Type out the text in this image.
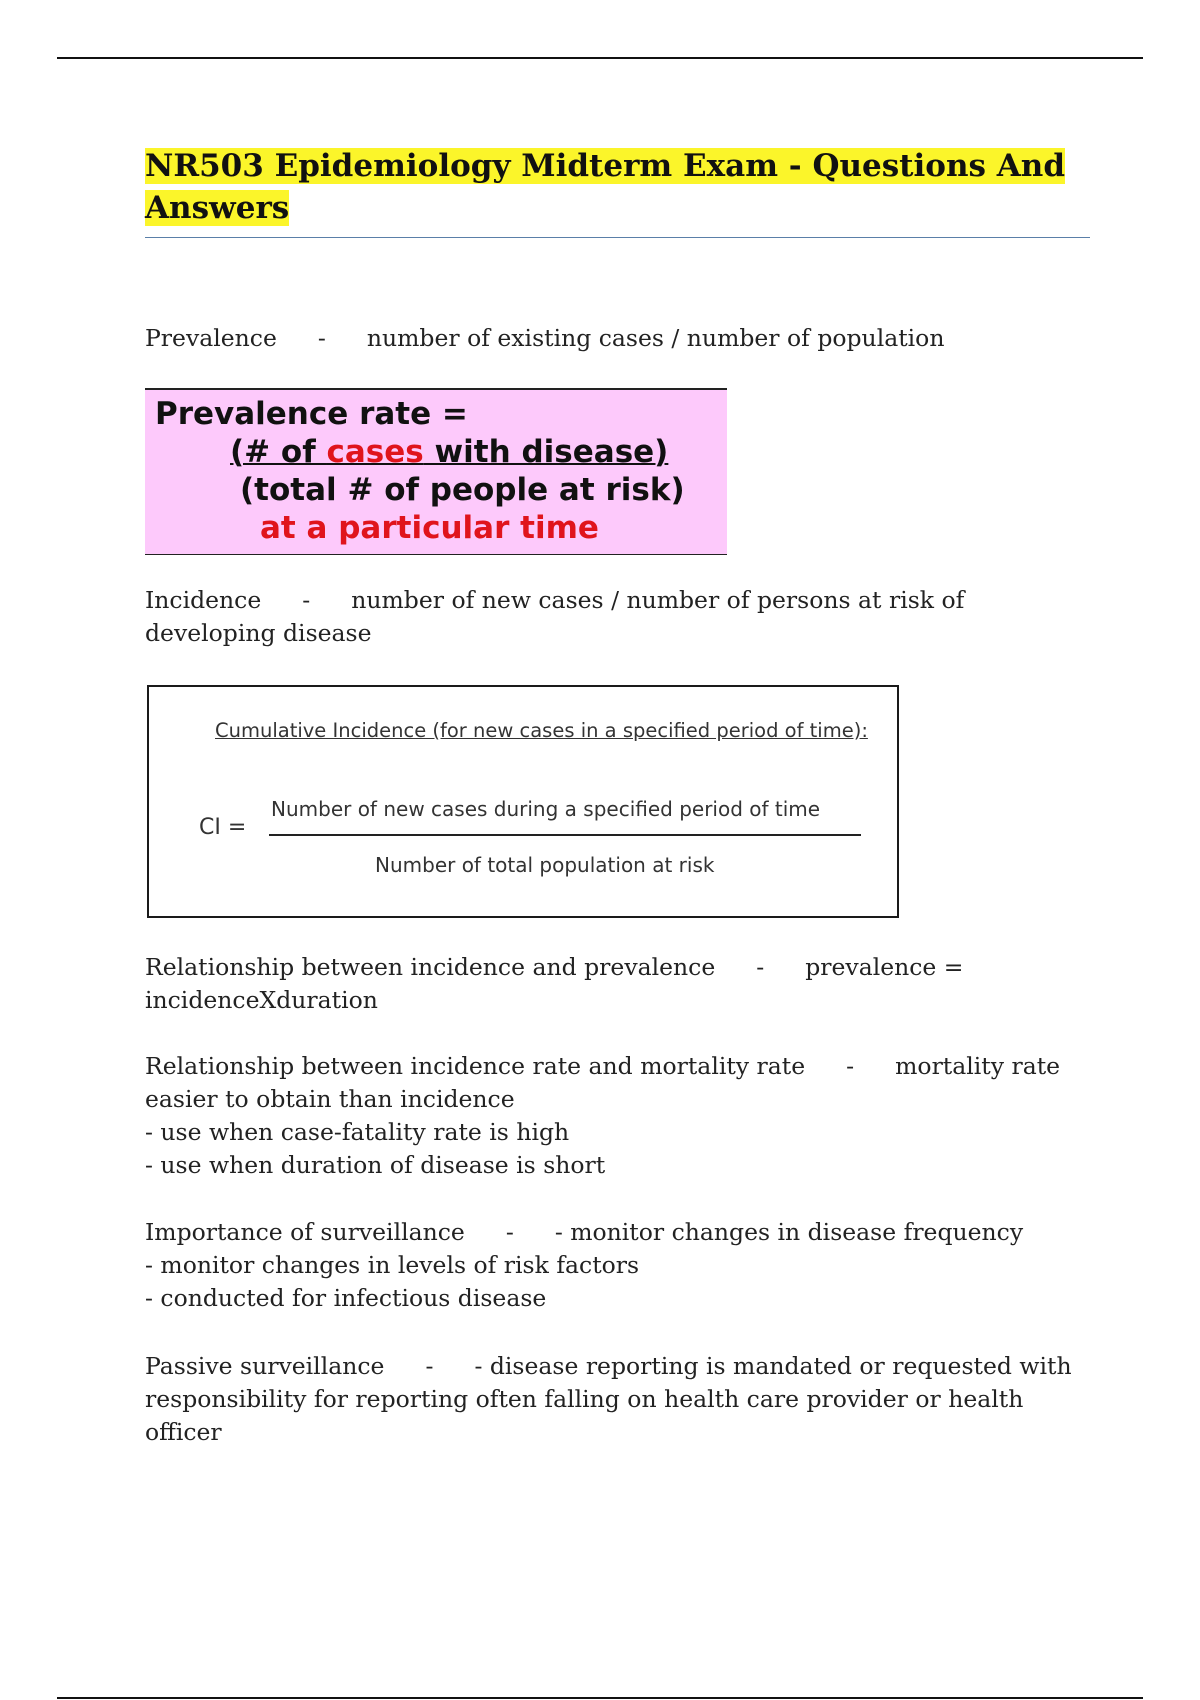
NR503 Epidemiology Midterm Exam - Questions And Answers
Prevalence - number of existing cases / number of population
Prevalence rate =
(# of cases with disease)
(total # of people at risk)
at a particular time
Incidence - number of new cases / number of persons at risk of developing disease
Cumulative Incidence (for new cases in a specified period of time):
CI =
Number of new cases during a specified period of time
Number of total population at risk
Relationship between incidence and prevalence - prevalence = incidenceXduration
Relationship between incidence rate and mortality rate - mortality rate easier to obtain than incidence
- use when case-fatality rate is high
- use when duration of disease is short
Importance of surveillance - - monitor changes in disease frequency
- monitor changes in levels of risk factors
- conducted for infectious disease
Passive surveillance - - disease reporting is mandated or requested with responsibility for reporting often falling on health care provider or health officer
